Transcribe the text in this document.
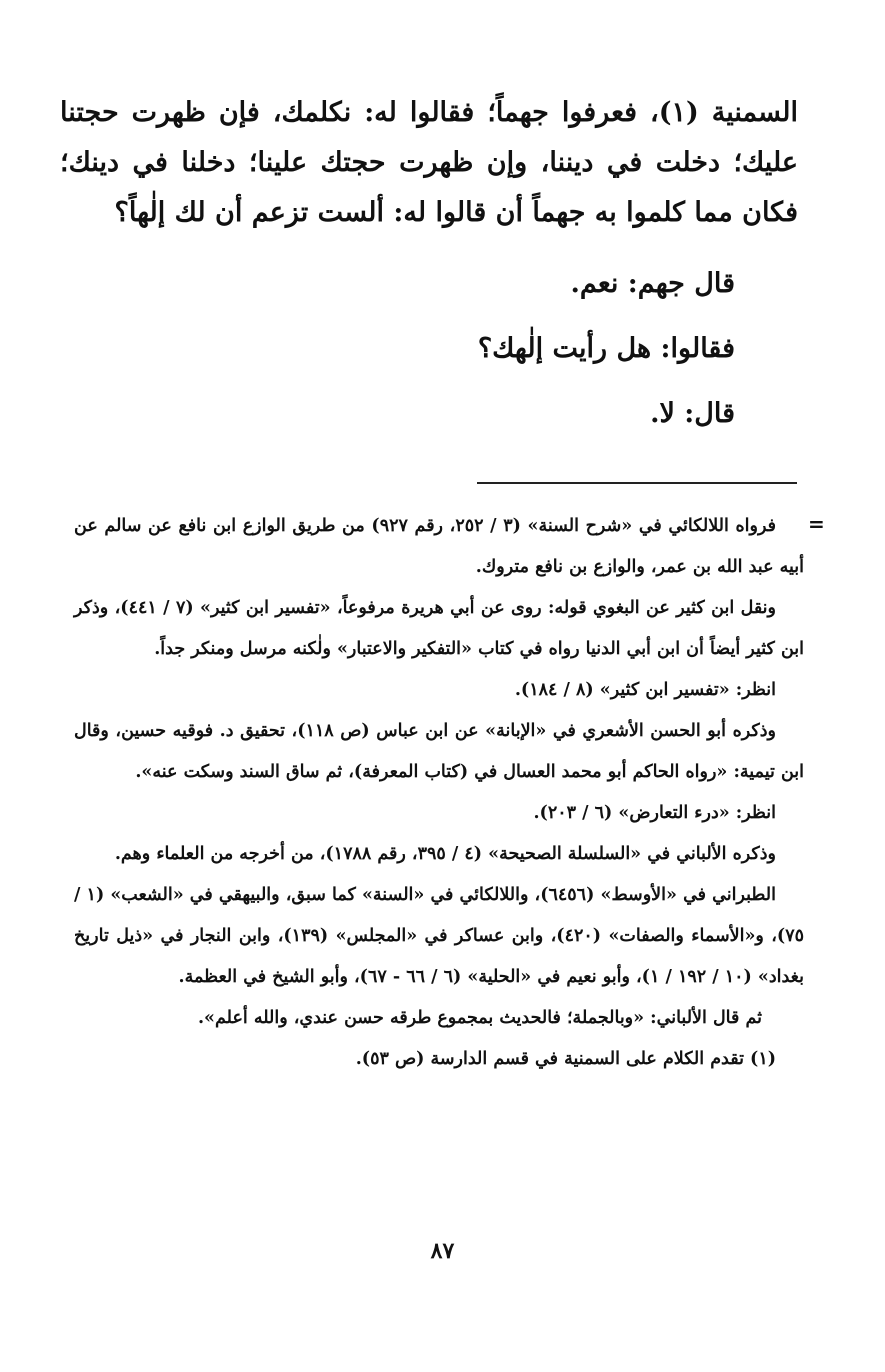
السمنية (١)، فعرفوا جهماً؛ فقالوا له: نكلمك، فإن ظهرت حجتنا عليك؛ دخلت في ديننا، وإن ظهرت حجتك علينا؛ دخلنا في دينك؛ فكان مما كلموا به جهماً أن قالوا له: ألست تزعم أن لك إلٰهاً؟

قال جهم: نعم.
فقالوا: هل رأيت إلٰهك؟
قال: لا.
=

فرواه اللالكائي في «شرح السنة» (٣ / ٢٥٢، رقم ٩٢٧) من طريق الوازع ابن نافع عن سالم عن أبيه عبد الله بن عمر، والوازع بن نافع متروك.

ونقل ابن كثير عن البغوي قوله: روى عن أبي هريرة مرفوعاً، «تفسير ابن كثير» (٧ / ٤٤١)، وذكر ابن كثير أيضاً أن ابن أبي الدنيا رواه في كتاب «التفكير والاعتبار» ولٰكنه مرسل ومنكر جداً.

انظر: «تفسير ابن كثير» (٨ / ١٨٤).

وذكره أبو الحسن الأشعري في «الإبانة» عن ابن عباس (ص ١١٨)، تحقيق د. فوقيه حسين، وقال ابن تيمية: «رواه الحاكم أبو محمد العسال في (كتاب المعرفة)، ثم ساق السند وسكت عنه».

انظر: «درء التعارض» (٦ / ٢٠٣).

وذكره الألباني في «السلسلة الصحيحة» (٤ / ٣٩٥، رقم ١٧٨٨)، من أخرجه من العلماء وهم.

الطبراني في «الأوسط» (٦٤٥٦)، واللالكائي في «السنة» كما سبق، والبيهقي في «الشعب» (١ / ٧٥)، و«الأسماء والصفات» (٤٢٠)، وابن عساكر في «المجلس» (١٣٩)، وابن النجار في «ذيل تاريخ بغداد» (١٠ / ١٩٢ / ١)، وأبو نعيم في «الحلية» (٦ / ٦٦ - ٦٧)، وأبو الشيخ في العظمة.

ثم قال الألباني: «وبالجملة؛ فالحديث بمجموع طرقه حسن عندي، والله أعلم».

(١) تقدم الكلام على السمنية في قسم الدارسة (ص ٥٣).

٨٧
